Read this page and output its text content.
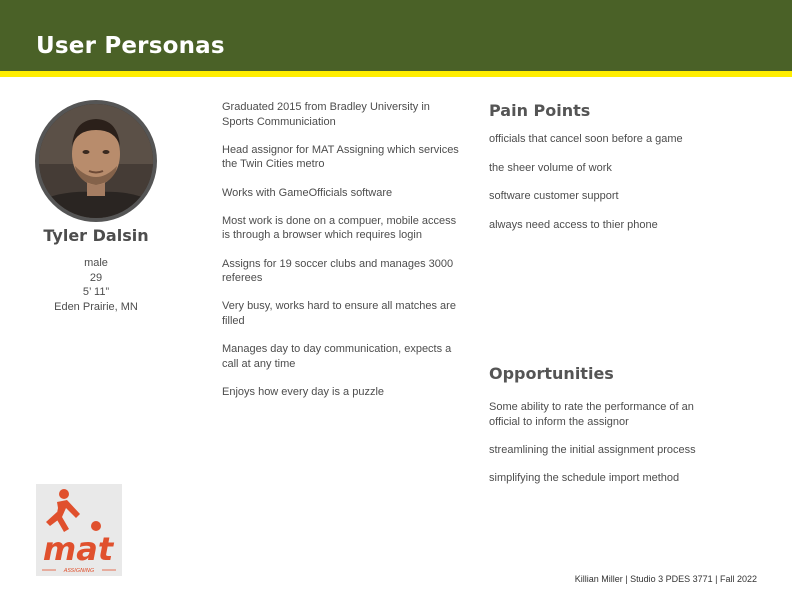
User Personas
Tyler Dalsin
male
29
5’ 11”
Eden Prairie, MN
Graduated 2015 from Bradley University in Sports Communiciation
Head assignor for MAT Assigning which services the Twin Cities metro
Works with GameOfficials software
Most work is done on a compuer, mobile access is through a browser which requires login
Assigns for 19 soccer clubs and manages 3000 referees
Very busy, works hard to ensure all matches are filled
Manages day to day communication, expects a call at any time
Enjoys how every day is a puzzle
Pain Points
officials that cancel soon before a game
the sheer volume of work
software customer support
always need access to thier phone
Opportunities
Some ability to rate the performance of an official to inform the assignor
streamlining the initial assignment process
simplifying the schedule import method
mat
ASSIGNING
Killian Miller | Studio 3 PDES 3771 | Fall 2022
